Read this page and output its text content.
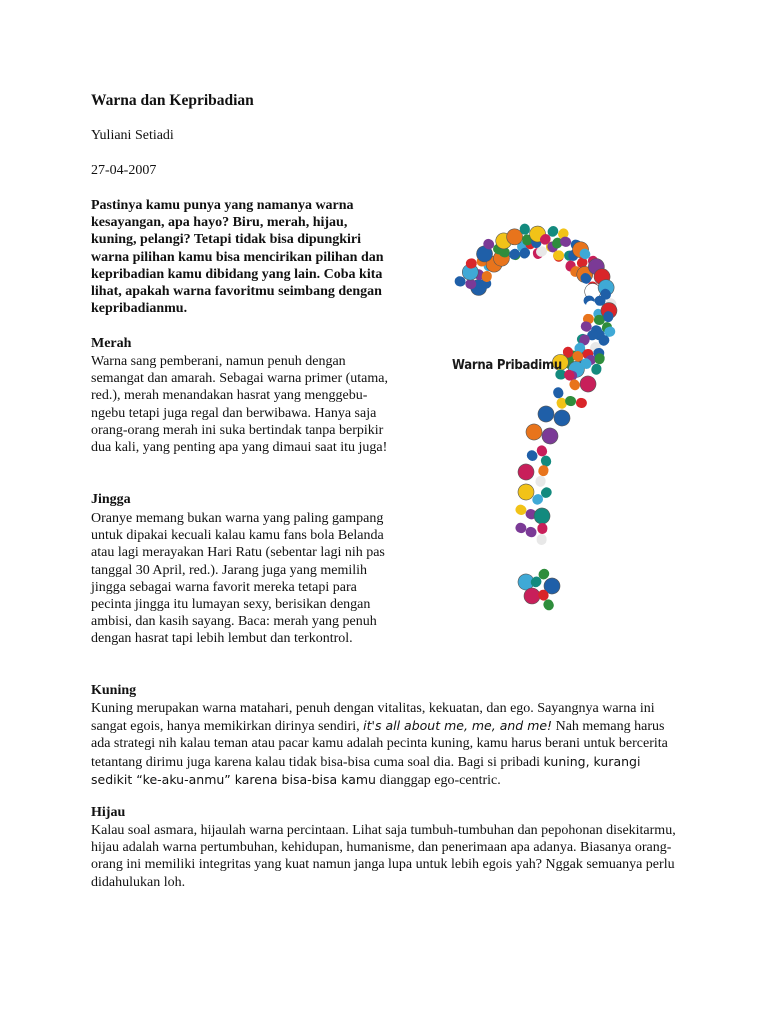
Warna dan Kepribadian
Yuliani Setiadi
27-04-2007
Pastinya kamu punya yang namanya warna kesayangan, apa hayo? Biru, merah, hijau, kuning, pelangi? Tetapi tidak bisa dipungkiri warna pilihan kamu bisa mencirikan pilihan dan kepribadian kamu dibidang yang lain. Coba kita lihat, apakah warna favoritmu seimbang dengan kepribadianmu.
Warna Pribadimu
Merah
Warna sang pemberani, namun penuh dengan semangat dan amarah. Sebagai warna primer (utama, red.), merah menandakan hasrat yang menggebu-ngebu tetapi juga regal dan berwibawa. Hanya saja orang-orang merah ini suka bertindak tanpa berpikir dua kali, yang penting apa yang dimaui saat itu juga!
Jingga
Oranye memang bukan warna yang paling gampang untuk dipakai kecuali kalau kamu fans bola Belanda atau lagi merayakan Hari Ratu (sebentar lagi nih pas tanggal 30 April, red.). Jarang juga yang memilih jingga sebagai warna favorit mereka tetapi para pecinta jingga itu lumayan sexy, berisikan dengan ambisi, dan kasih sayang. Baca: merah yang penuh dengan hasrat tapi lebih lembut dan terkontrol.
Kuning
Kuning merupakan warna matahari, penuh dengan vitalitas, kekuatan, dan ego. Sayangnya warna ini sangat egois, hanya memikirkan dirinya sendiri, it's all about me, me, and me! Nah memang harus ada strategi nih kalau teman atau pacar kamu adalah pecinta kuning, kamu harus berani untuk bercerita tetantang dirimu juga karena kalau tidak bisa-bisa cuma soal dia. Bagi si pribadi kuning, kurangi sedikit “ke-aku-anmu” karena bisa-bisa kamu dianggap ego-centric.
Hijau
Kalau soal asmara, hijaulah warna percintaan. Lihat saja tumbuh-tumbuhan dan pepohonan disekitarmu, hijau adalah warna pertumbuhan, kehidupan, humanisme, dan penerimaan apa adanya. Biasanya orang-orang ini memiliki integritas yang kuat namun janga lupa untuk lebih egois yah? Nggak semuanya perlu didahulukan loh.
